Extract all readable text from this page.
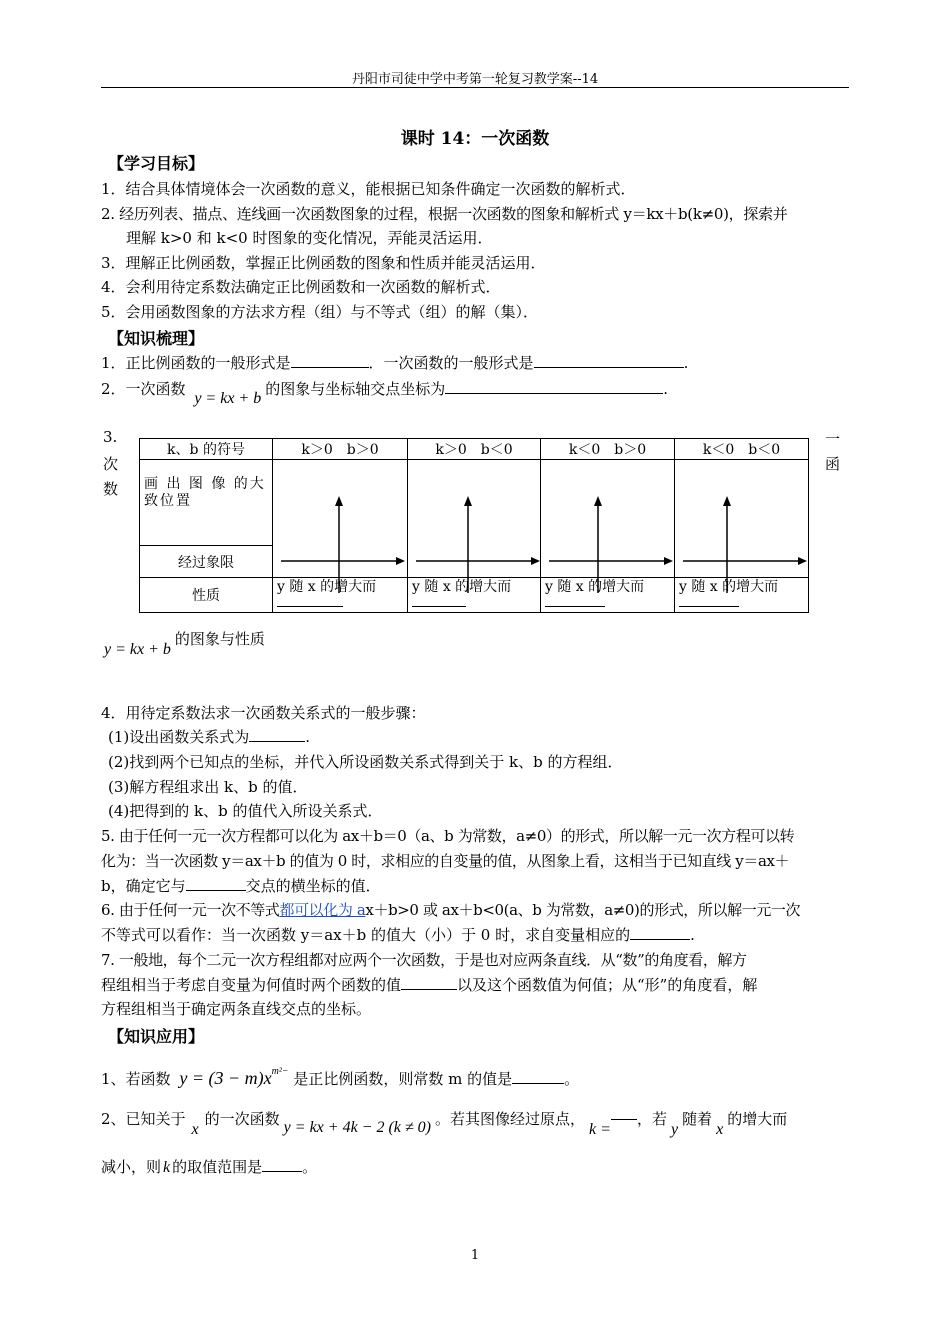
丹阳市司徒中学中考第一轮复习教学案--14
课时 14：一次函数
【学习目标】
1．结合具体情境体会一次函数的意义，能根据已知条件确定一次函数的解析式．
2. 经历列表、描点、连线画一次函数图象的过程，根据一次函数的图象和解析式 y＝kx＋b(k≠0)，探索并
理解 k>0 和 k<0 时图象的变化情况，弄能灵活运用．
3．理解正比例函数，掌握正比例函数的图象和性质并能灵活运用．
4．会利用待定系数法确定正比例函数和一次函数的解析式．
5．会用函数图象的方法求方程（组）与不等式（组）的解（集）．
【知识梳理】
1．正比例函数的一般形式是	．一次函数的一般形式是	.
2．一次函数 y = kx + b的图象与坐标轴交点坐标为	.
3.
次
数
一
函
k、b 的符号	k＞0　b＞0	k＞0　b＜0	k＜0　b＞0	k＜0　b＜0
画 出 图 像 的大致位置	

经过象限				
性质	y 随 x 的增大而	y 随 x 的增大而	y 随 x 的增大而	y 随 x 的增大而
y = kx + b的图象与性质
4．用待定系数法求一次函数关系式的一般步骤：
(1)设出函数关系式为	.
(2)找到两个已知点的坐标，并代入所设函数关系式得到关于 k、b 的方程组．
(3)解方程组求出 k、b 的值．
(4)把得到的 k、b 的值代入所设关系式．
5. 由于任何一元一次方程都可以化为 ax＋b＝0（a、b 为常数，a≠0）的形式，所以解一元一次方程可以转
化为：当一次函数 y＝ax＋b 的值为 0 时，求相应的自变量的值，从图象上看，这相当于已知直线 y＝ax＋
b，确定它与	交点的横坐标的值．
6. 由于任何一元一次不等式都可以化为 ax＋b>0 或 ax＋b<0(a、b 为常数，a≠0)的形式，所以解一元一次
不等式可以看作：当一次函数 y＝ax＋b 的值大（小）于 0 时，求自变量相应的	.
7. 一般地，每个二元一次方程组都对应两个一次函数，于是也对应两条直线．从“数”的角度看，解方
程组相当于考虑自变量为何值时两个函数的值	以及这个函数值为何值；从“形”的角度看，解
方程组相当于确定两条直线交点的坐标。
【知识应用】
1、若函数 $y = (3 - m)x^{m^2-}$ 是正比例函数，则常数 m 的值是	。
2、已知关于x的一次函数 y = kx + 4k − 2 (k ≠ 0) 。若其图像经过原点，k =，若y随着x的增大而
减小，则 k 的取值范围是	。
1
